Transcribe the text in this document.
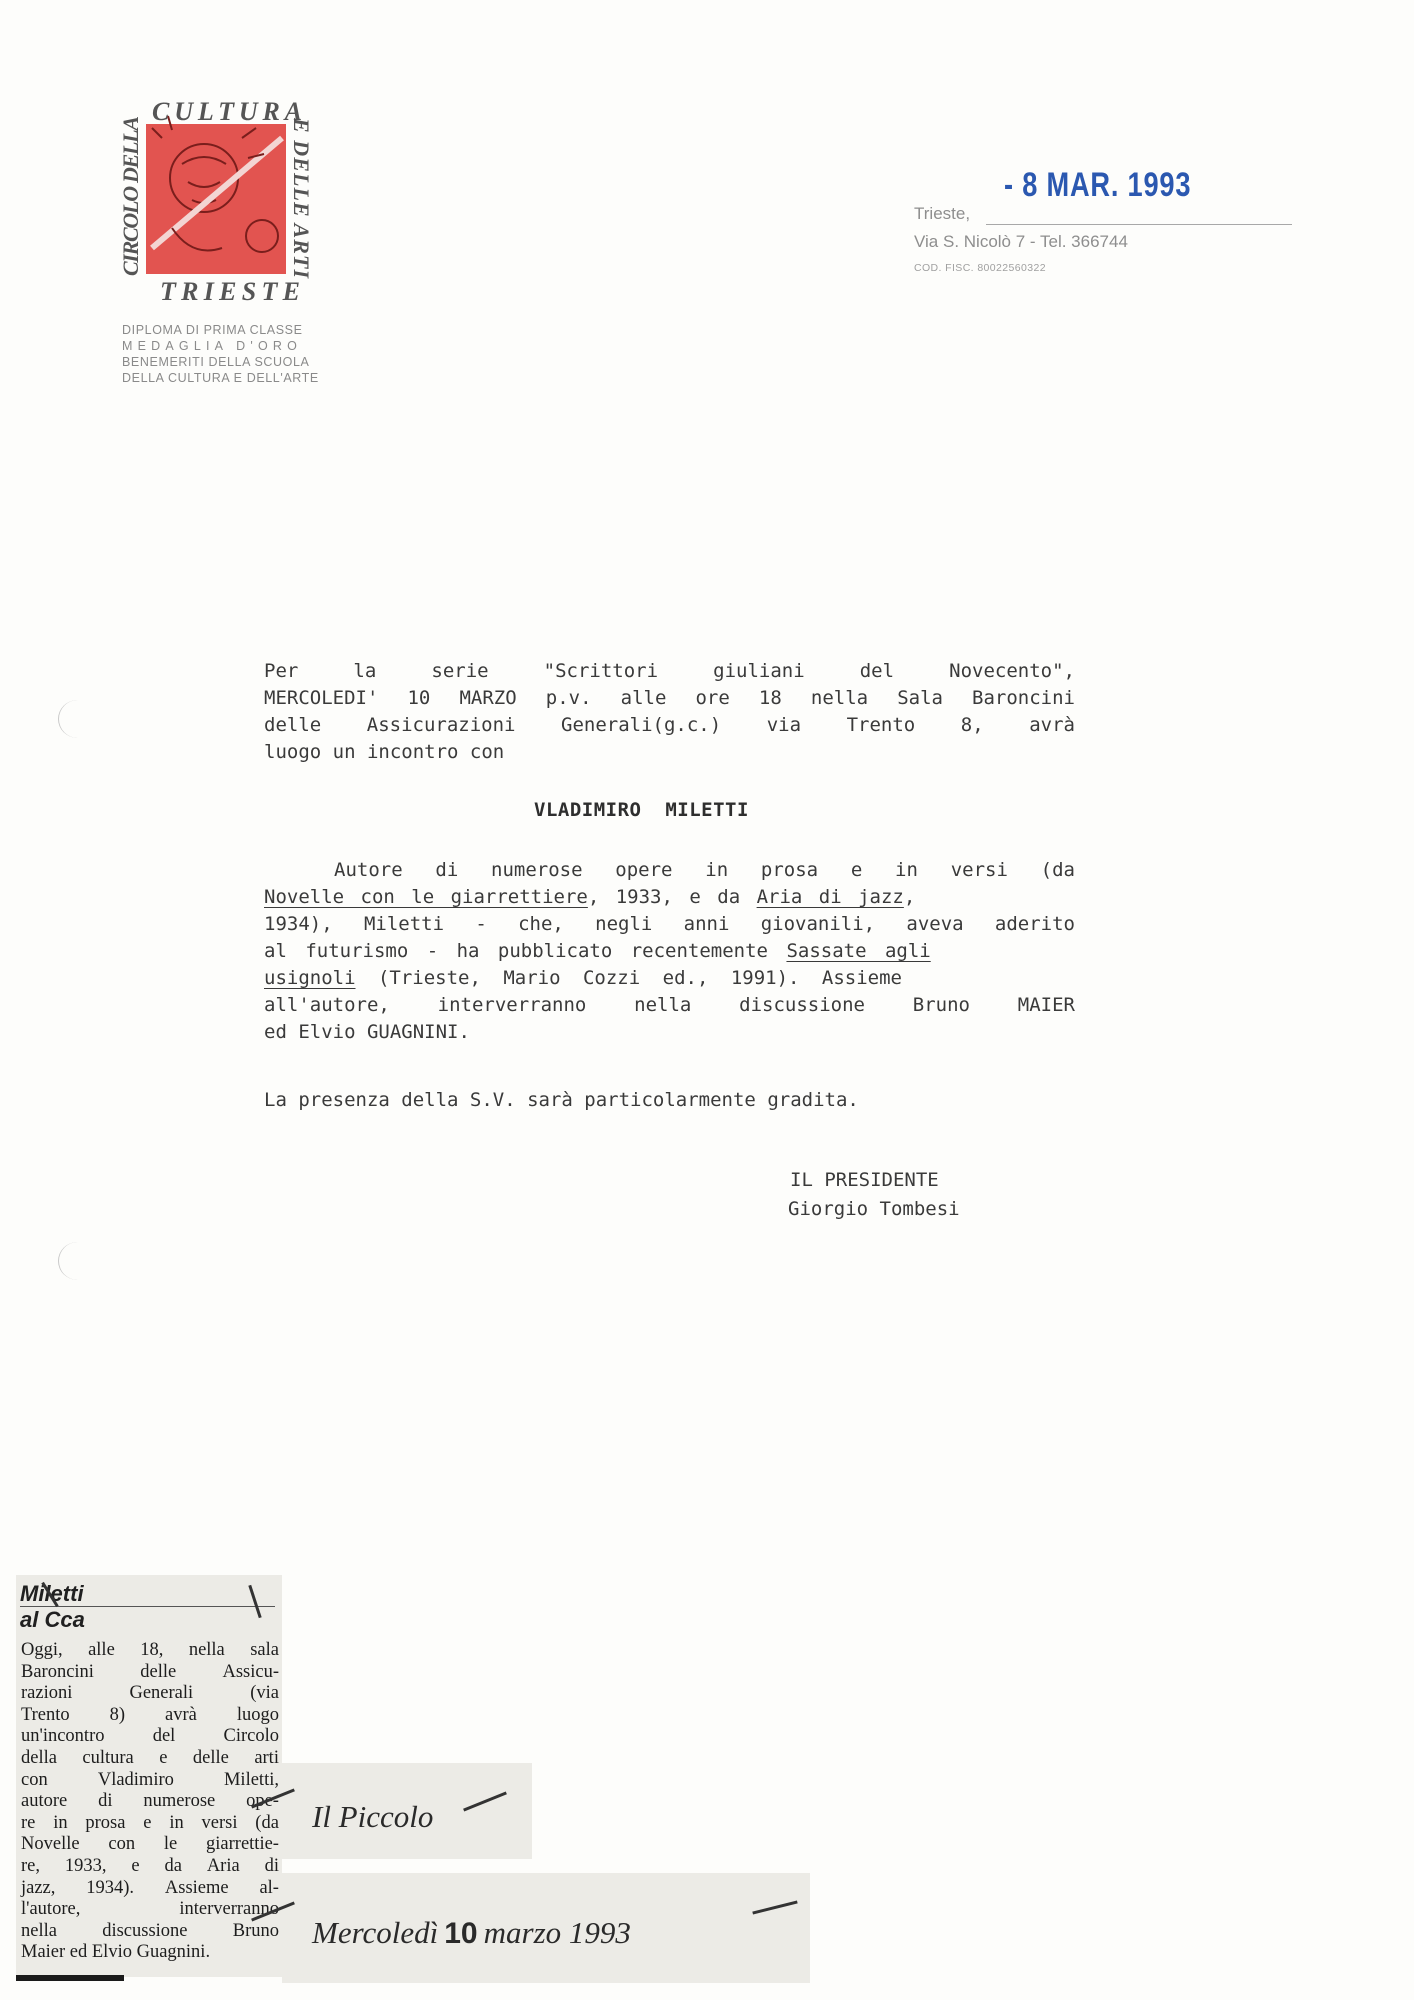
CULTURA
TRIESTE
CIRCOLO DELLA	E DELLE ARTI
DIPLOMA DI PRIMA CLASSE
MEDAGLIA D'ORO
BENEMERITI DELLA SCUOLA
DELLA CULTURA E DELL'ARTE
- 8 MAR. 1993
Trieste,
Via S. Nicolò 7 - Tel. 366744
COD. FISC. 80022560322
Per	la	serie	"Scrittori	giuliani	del	Novecento",
MERCOLEDI' 10 MARZO p.v. alle ore 18 nella Sala Baroncini
delle Assicurazioni Generali(g.c.) via Trento 8, avrà
luogo un incontro con
Autore di numerose opere in prosa e in versi (da
Novelle con le giarrettiere, 1933, e da Aria di jazz,
1934), Miletti - che, negli anni giovanili, aveva aderito
al futurismo - ha pubblicato recentemente Sassate agli
usignoli (Trieste, Mario Cozzi ed., 1991). Assieme
all'autore,	interverranno	nella	discussione	Bruno	MAIER
ed Elvio GUAGNINI.
La presenza della S.V. sarà particolarmente gradita.
VLADIMIRO  MILETTI
IL PRESIDENTE
Giorgio Tombesi
Miletti
al Cca
Oggi, alle 18, nella sala
Baroncini	delle	Assicu-
razioni	Generali	(via
Trento 8) avrà luogo
un'incontro	del	Circolo
della cultura e delle arti
con	Vladimiro	Miletti,
autore di numerose ope-
re in prosa e in versi (da
Novelle con le giarrettie-
re, 1933, e da Aria di
jazz, 1934). Assieme al-
l'autore,	interverranno
nella discussione Bruno
Maier ed Elvio Guagnini.
Il Piccolo
Mercoledì 10 marzo 1993
